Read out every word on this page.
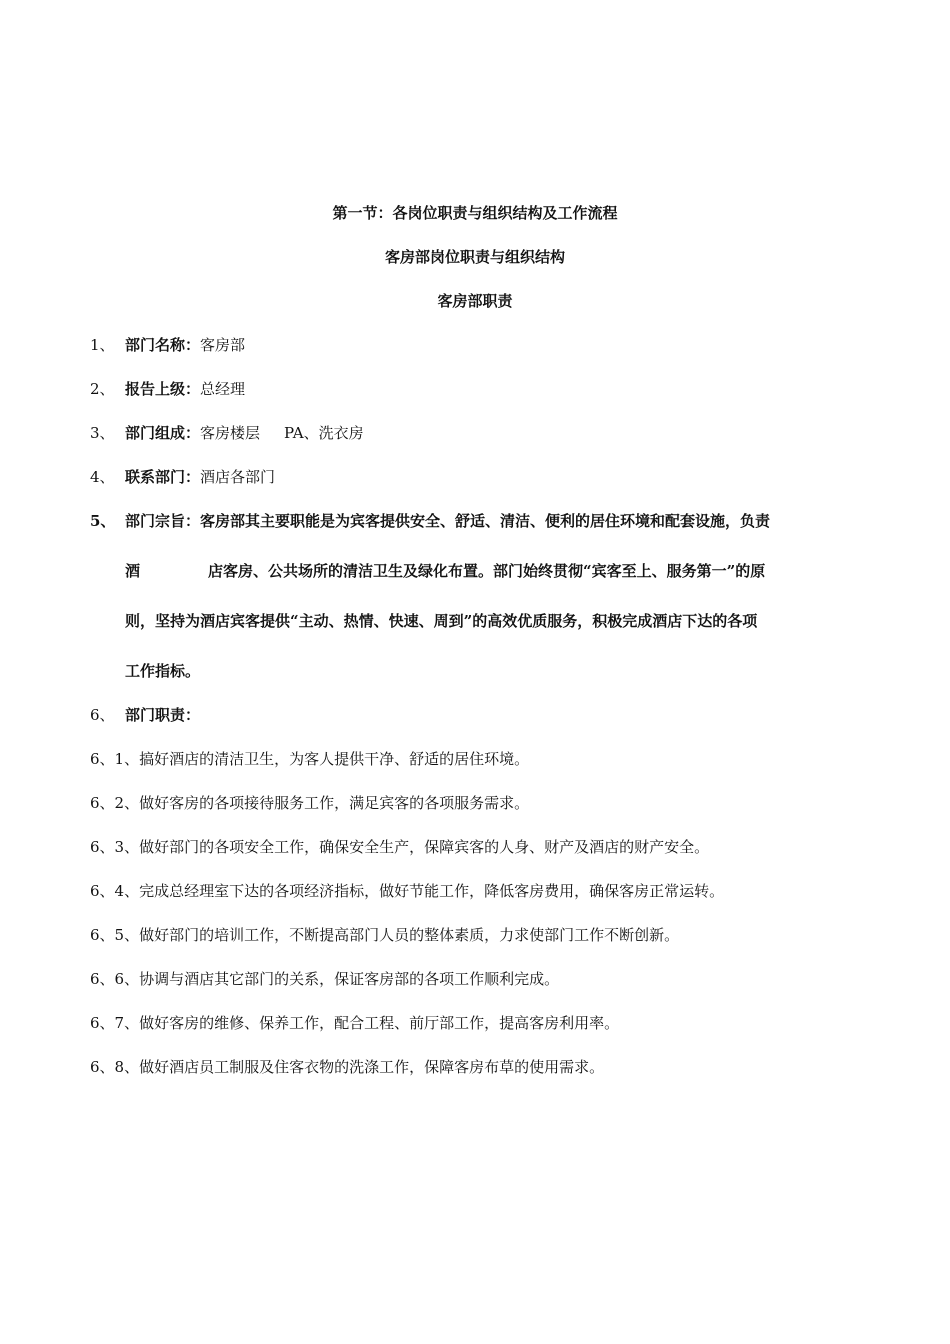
第一节：各岗位职责与组织结构及工作流程
客房部岗位职责与组织结构
客房部职责
1、 部门名称：客房部
2、 报告上级：总经理
3、 部门组成：客房楼层 PA、洗衣房
4、 联系部门：酒店各部门
5、 部门宗旨：客房部其主要职能是为宾客提供安全、舒适、清洁、便利的居住环境和配套设施，负责
酒	店客房、公共场所的清洁卫生及绿化布置。部门始终贯彻“宾客至上、服务第一”的原
则，坚持为酒店宾客提供“主动、热情、快速、周到”的高效优质服务，积极完成酒店下达的各项
工作指标。
6、 部门职责：
6、1、搞好酒店的清洁卫生，为客人提供干净、舒适的居住环境。
6、2、做好客房的各项接待服务工作，满足宾客的各项服务需求。
6、3、做好部门的各项安全工作，确保安全生产，保障宾客的人身、财产及酒店的财产安全。
6、4、完成总经理室下达的各项经济指标，做好节能工作，降低客房费用，确保客房正常运转。
6、5、做好部门的培训工作，不断提高部门人员的整体素质，力求使部门工作不断创新。
6、6、协调与酒店其它部门的关系，保证客房部的各项工作顺利完成。
6、7、做好客房的维修、保养工作，配合工程、前厅部工作，提高客房利用率。
6、8、做好酒店员工制服及住客衣物的洗涤工作，保障客房布草的使用需求。
